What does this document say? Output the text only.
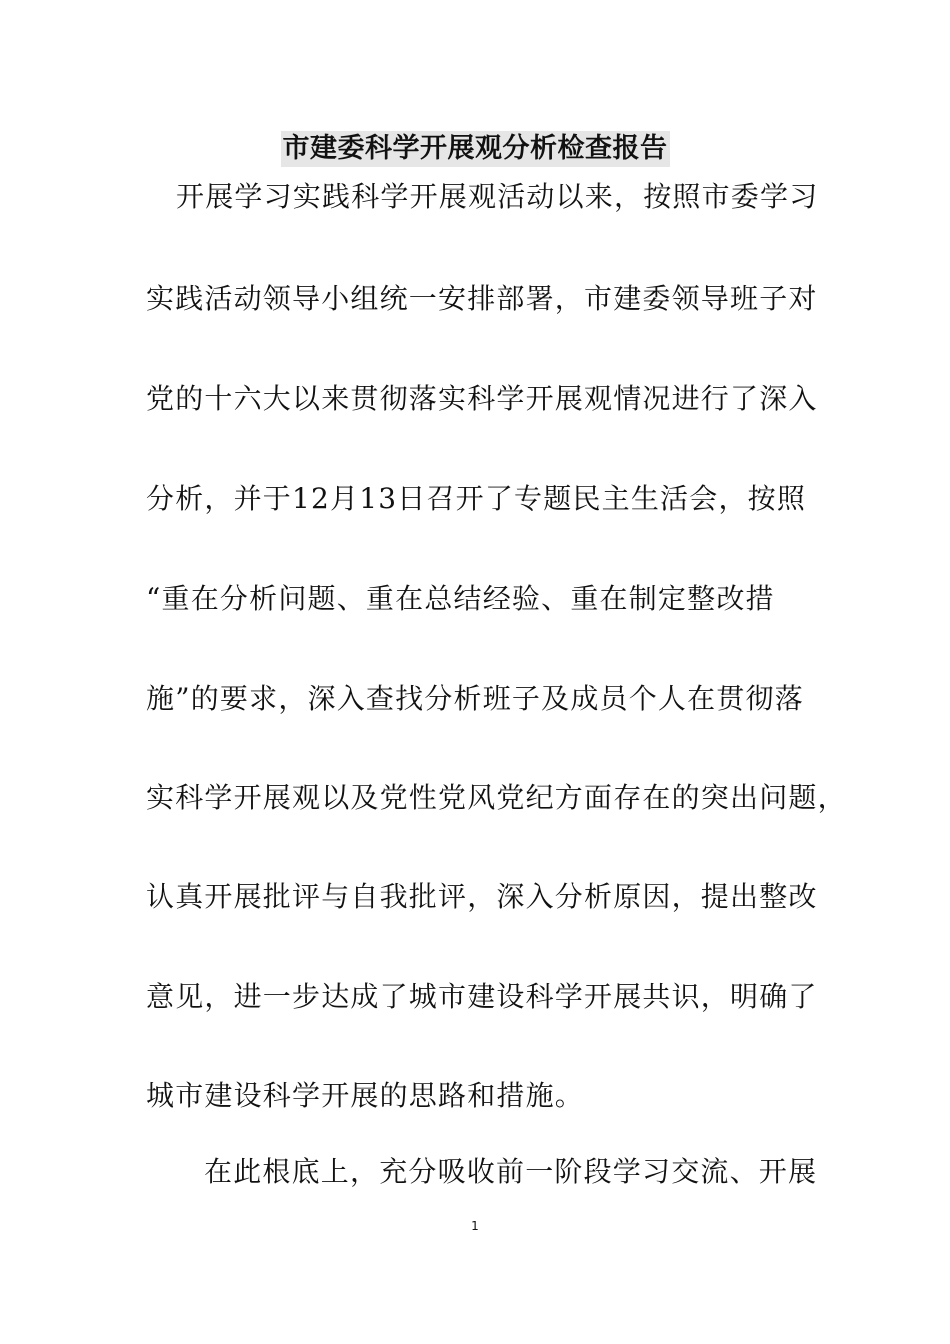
市建委科学开展观分析检查报告
开展学习实践科学开展观活动以来，按照市委学习
实践活动领导小组统一安排部署，市建委领导班子对
党的十六大以来贯彻落实科学开展观情况进行了深入
分析，并于12月13日召开了专题民主生活会，按照
“重在分析问题、重在总结经验、重在制定整改措
施”的要求，深入查找分析班子及成员个人在贯彻落
实科学开展观以及党性党风党纪方面存在的突出问题，
认真开展批评与自我批评，深入分析原因，提出整改
意见，进一步达成了城市建设科学开展共识，明确了
城市建设科学开展的思路和措施。
在此根底上，充分吸收前一阶段学习交流、开展
1
